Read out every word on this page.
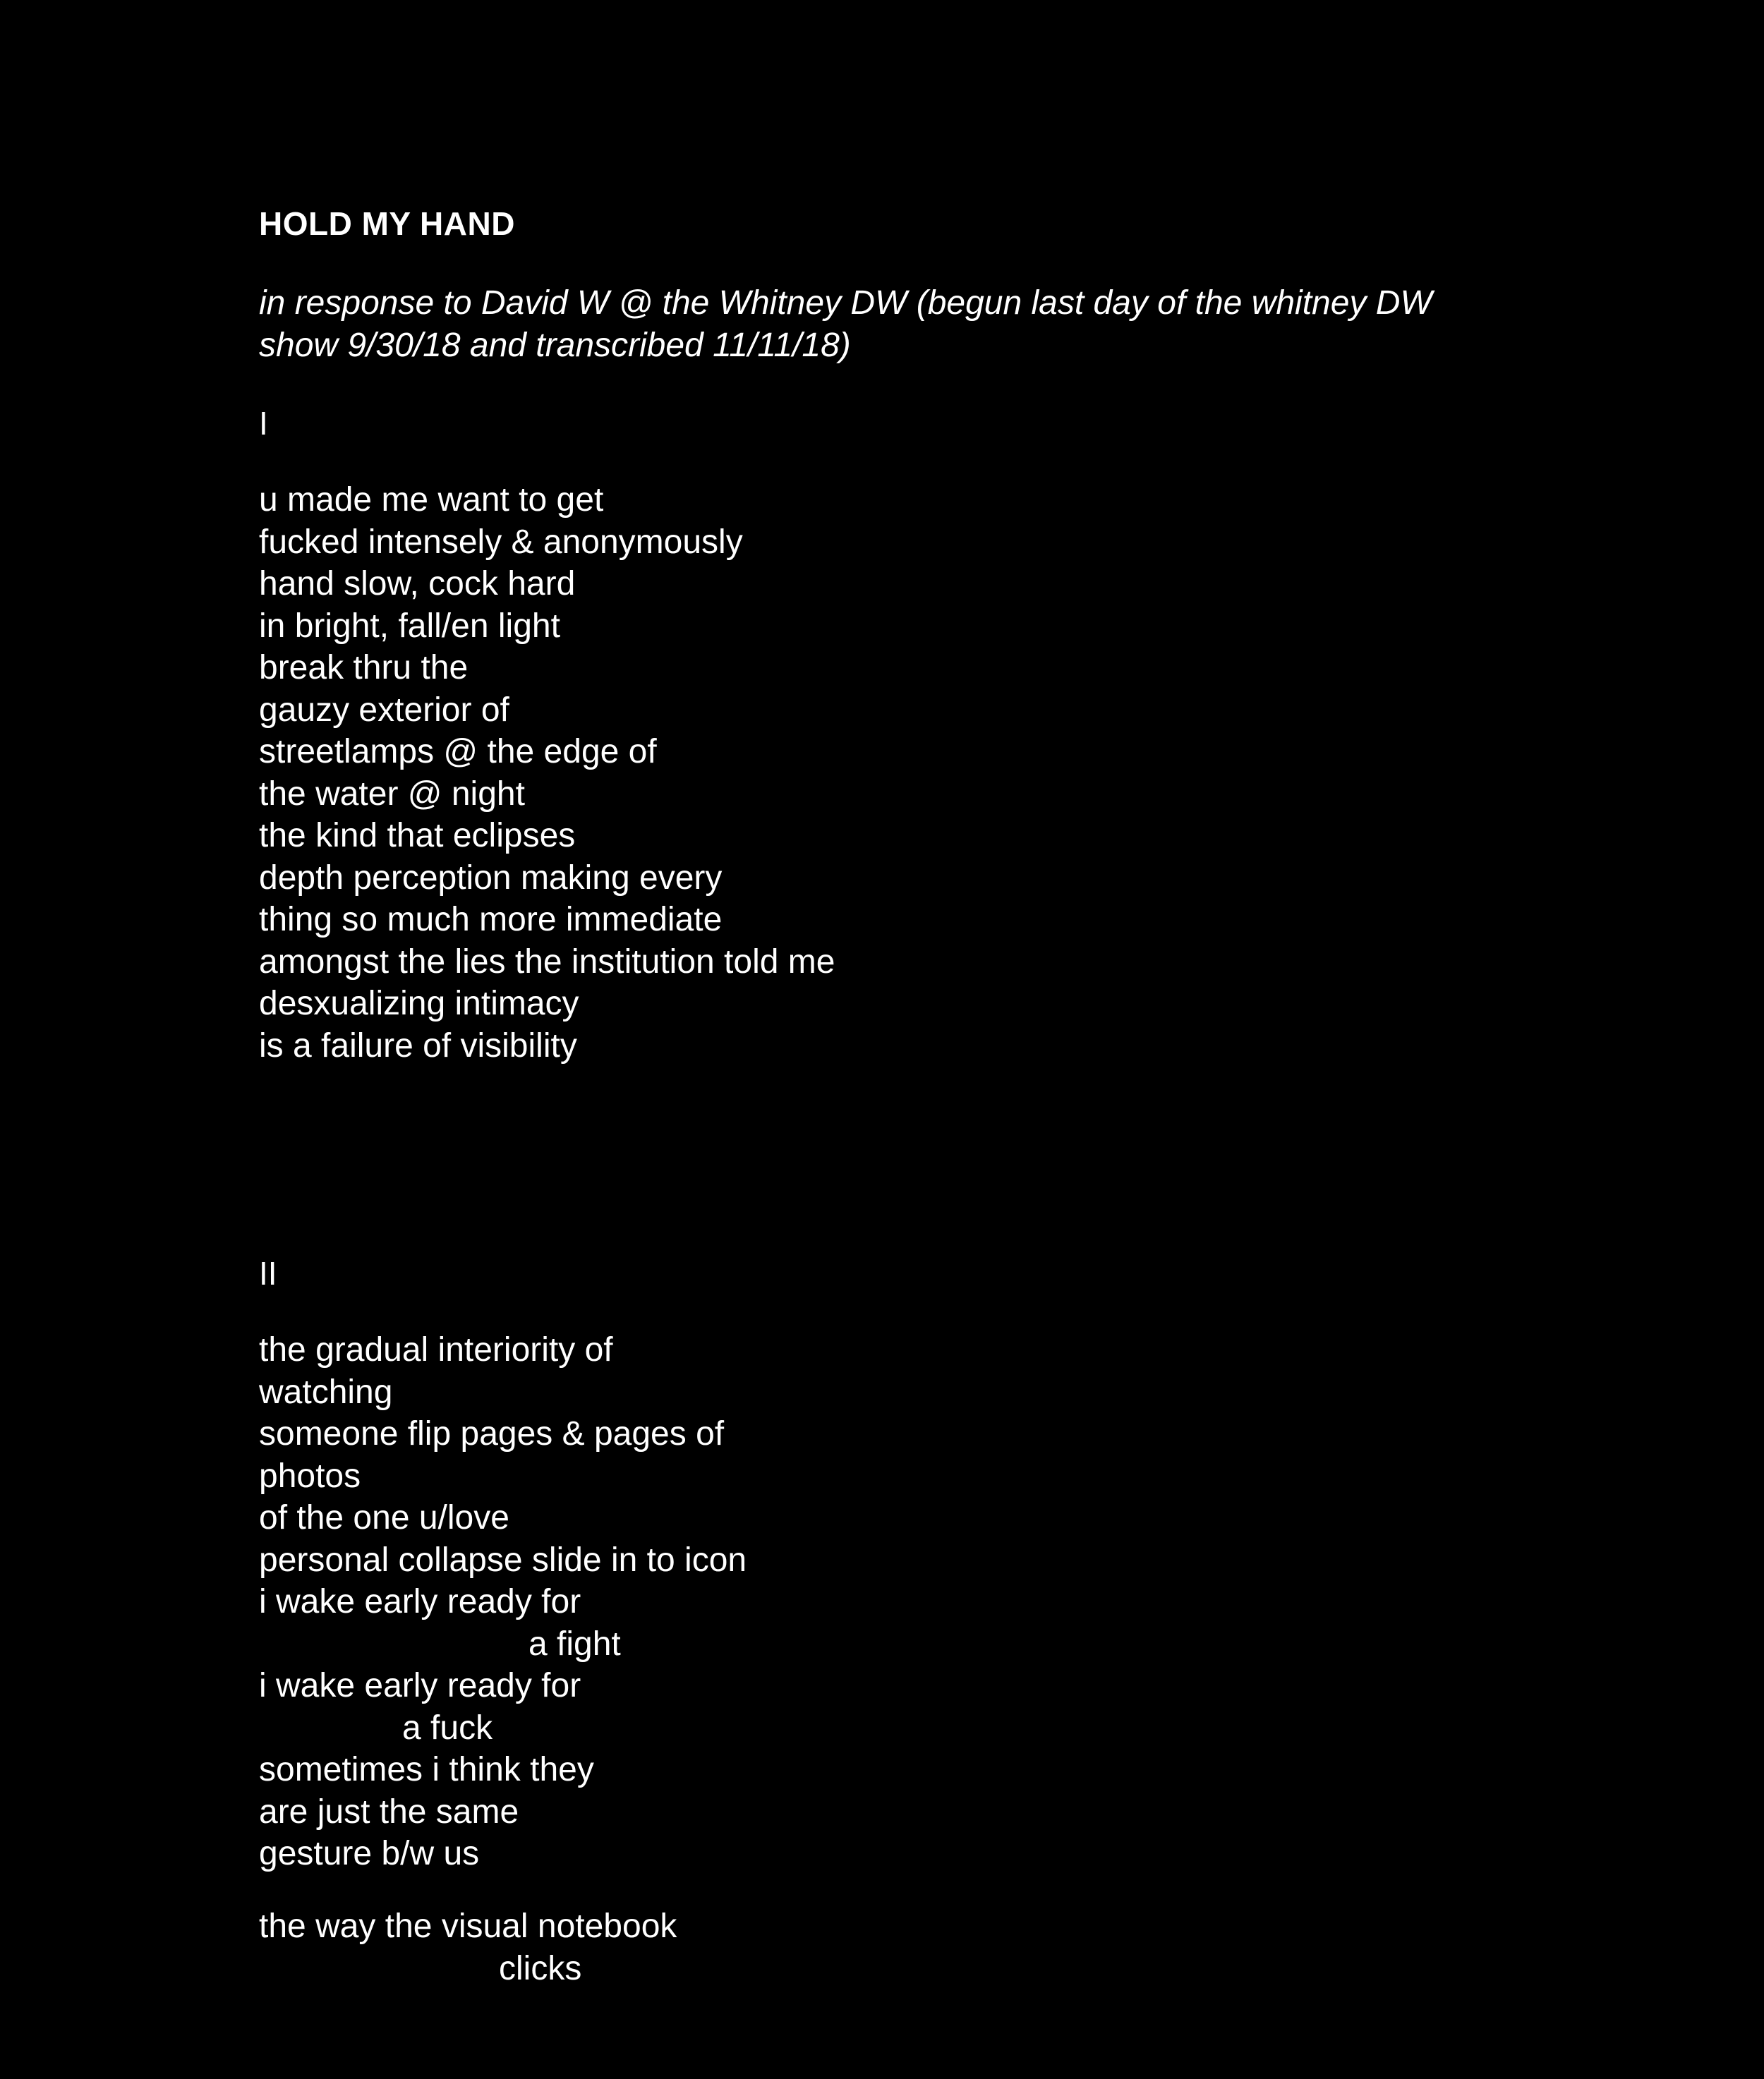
HOLD MY HAND
in response to David W @ the Whitney DW (begun last day of the whitney DW show 9/30/18 and transcribed 11/11/18)
I
u made me want to get
fucked intensely & anonymously
hand slow, cock hard
in bright, fall/en light
break thru the
gauzy exterior of
streetlamps @ the edge of
the water @ night
the kind that eclipses
depth perception making every
thing so much more immediate
amongst the lies the institution told me
desxualizing intimacy
is a failure of visibility
II
the gradual interiority of
watching
someone flip pages & pages of
photos
of the one u/love
personal collapse slide in to icon
i wake early ready for
a fight
i wake early ready for
a fuck
sometimes i think they
are just the same
gesture b/w us
the way the visual notebook
clicks
